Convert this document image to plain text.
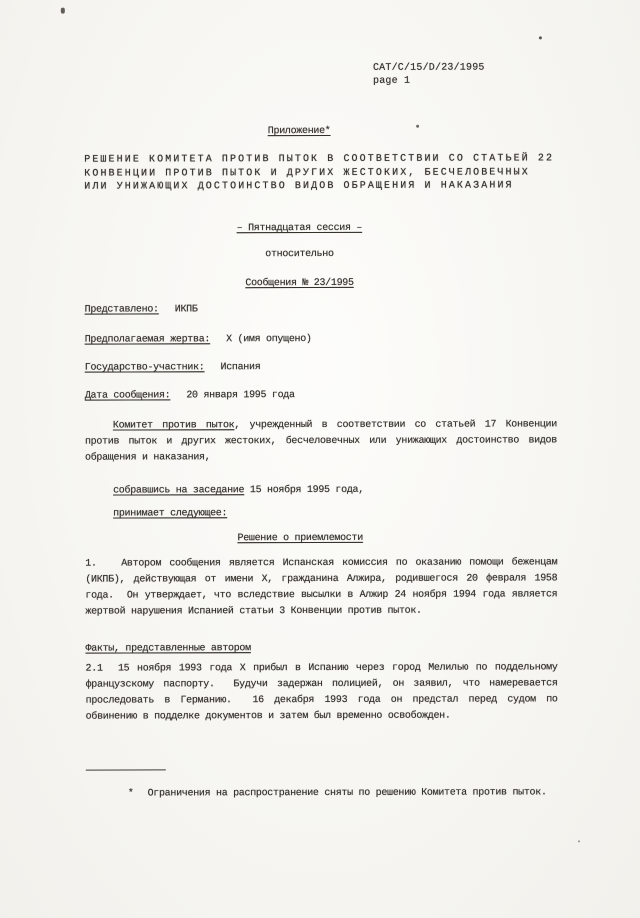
CAT/C/15/D/23/1995
page 1
Приложение*
РЕШЕНИЕ КОМИТЕТА ПРОТИВ ПЫТОК В СООТВЕТСТВИИ СО СТАТЬЕЙ 22
КОНВЕНЦИИ ПРОТИВ ПЫТОК И ДРУГИХ ЖЕСТОКИХ, БЕСЧЕЛОВЕЧНЫХ
ИЛИ УНИЖАЮЩИХ ДОСТОИНСТВО ВИДОВ ОБРАЩЕНИЯ И НАКАЗАНИЯ
– Пятнадцатая сессия –
относительно
Сообщения № 23/1995
Представлено: ИКПБ
Предполагаемая жертва: X (имя опущено)
Государство-участник: Испания
Дата сообщения: 20 января 1995 года

Комитет против пыток, учрежденный в соответствии со статьей 17 Конвенции против пыток и других жестоких, бесчеловечных или унижающих достоинство видов обращения и наказания,

собравшись на заседание 15 ноября 1995 года,

принимает следующее:

Решение о приемлемости

1.   Автором сообщения является Испанская комиссия по оказанию помощи беженцам (ИКПБ), действующая от имени X, гражданина Алжира, родившегося 20 февраля 1958 года.  Он утверждает, что вследствие высылки в Алжир 24 ноября 1994 года является жертвой нарушения Испанией статьи 3 Конвенции против пыток.

Факты, представленные автором

2.1  15 ноября 1993 года X прибыл в Испанию через город Мелилью по поддельному французскому паспорту.  Будучи задержан полицией, он заявил, что намеревается проследовать в Германию.  16 декабря 1993 года он предстал перед судом по обвинению в подделке документов и затем был временно освобожден.

* Ограничения на распространение сняты по решению Комитета против пыток.
